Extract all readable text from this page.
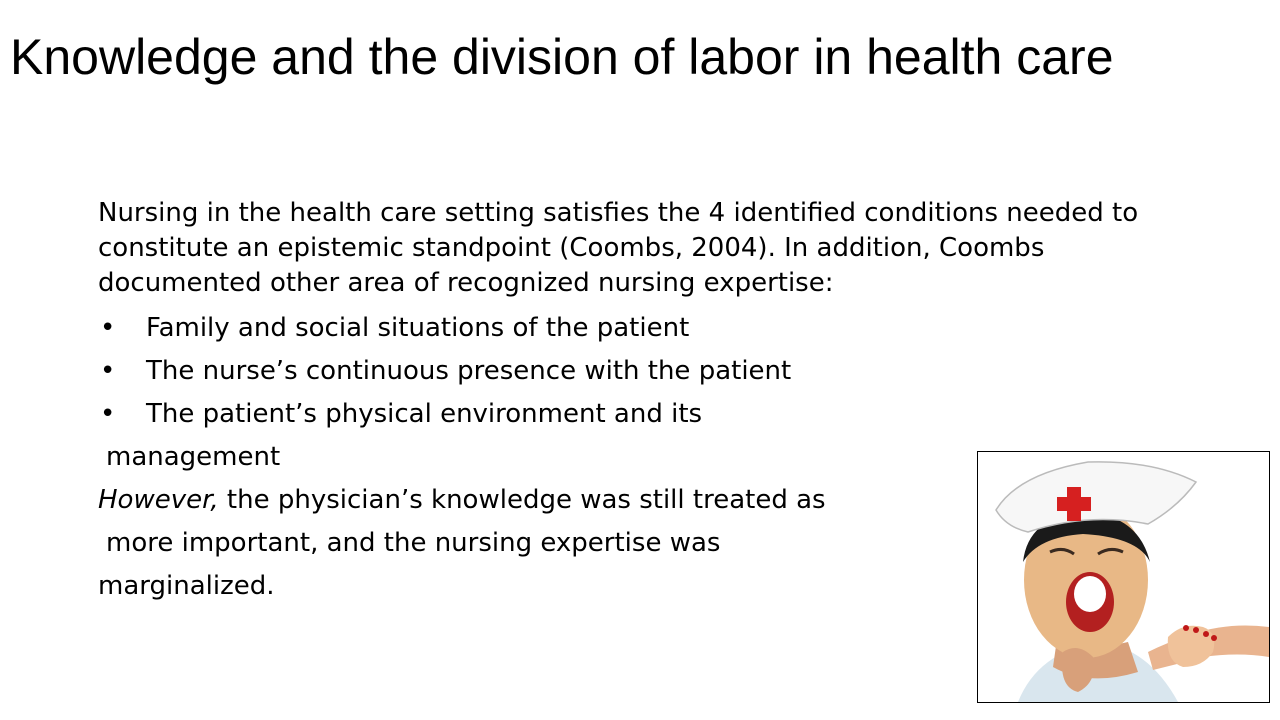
Knowledge and the division of labor in health care

Nursing in the health care setting satisfies the 4 identified conditions needed to constitute an epistemic standpoint (Coombs, 2004). In addition, Coombs documented other area of recognized nursing expertise:

• Family and social situations of the patient
• The nurse’s continuous presence with the patient
• The patient’s physical environment and its

management

However, the physician’s knowledge was still treated as

more important, and the nursing expertise was

marginalized.
